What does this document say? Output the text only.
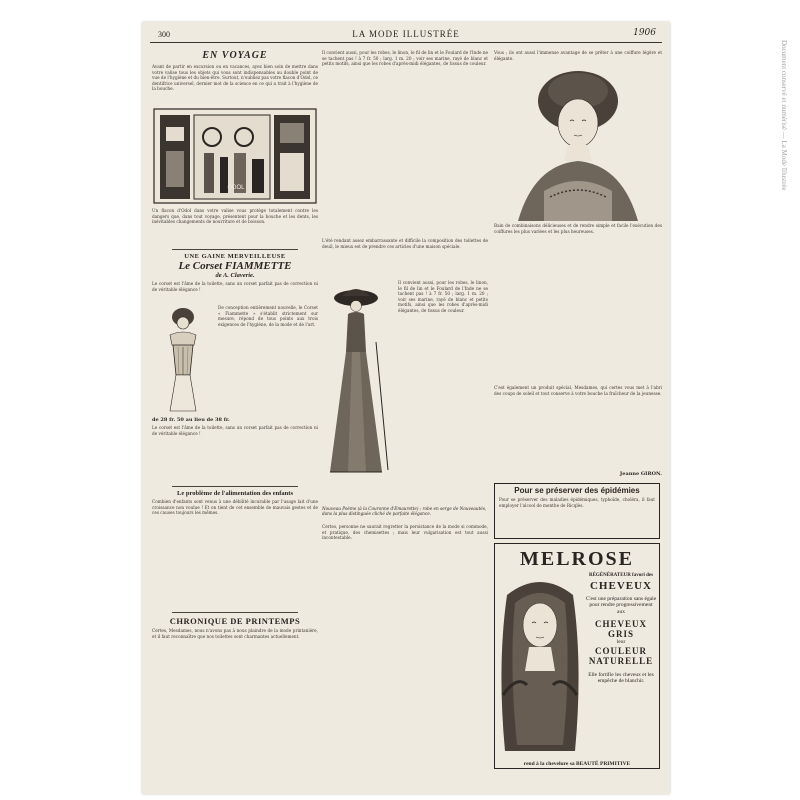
Document conservé et numérisé — La Mode Illustrée
300	LA MODE ILLUSTRÉE	1906
EN VOYAGE
Avant de partir en excursion ou en vacances, ayez bien soin de mettre dans votre valise tous les objets qui vous sont indispensables au double point de vue de l'hygiène et du bien-être. Surtout, n'oubliez pas votre flacon d'Odol, ce dentifrice universel, dernier mot de la science en ce qui a trait à l'hygiène de la bouche.
ODOL
Un flacon d'Odol dans votre valise vous protège totalement contre les dangers que, dans tout voyage, présentent pour la bouche et les dents, les inévitables changements de nourriture et de boisson.
UNE GAINE MERVEILLEUSE
Le Corset FIAMMETTE
de A. Claverie.
Le corset est l'âme de la toilette, sans un corset parfait pas de correction ni de véritable élégance !
De conception entièrement nouvelle, le Corset « Fiammette » s'établit strictement sur mesure, répond de tous points aux trois exigences de l'hygiène, de la mode et de l'art.
de 28 fr. 50 au lieu de 38 fr.
Le corset est l'âme de la toilette, sans un corset parfait pas de correction ni de véritable élégance !
Le problème de l'alimentation des enfants
Combien d'enfants sont venus à une débilité incurable par l'usage lait d'une croissance non voulue ! Et on tient de cet ensemble de mauvais gestes et de ces causes toujours les mêmes.
CHRONIQUE DE PRINTEMPS
Certes, Mesdames, nous n'avons pas à nous plaindre de la mode printanière, et il faut reconnaître que nos toilettes sont charmantes actuellement.
Il convient aussi, pour les robes, le linon, le fil de lin et le Foulard de l'Inde ne se tachent pas ! à 7 fr. 50 ; larg. 1 m. 20 ; voir ses marine, rayé de blanc et petits motifs, ainsi que les robes d'après-midi élégantes, de tissus de couleur.
L'été rendant assez embarrassante et difficile la composition des toilettes de deuil, le mieux est de prendre ces articles d'une maison spéciale.
Il convient aussi, pour les robes, le linon, le fil de lin et le Foulard de l'Inde ne se tachent pas ! à 7 fr. 50 ; larg. 1 m. 20 ; voir ses marine, rayé de blanc et petits motifs, ainsi que les robes d'après-midi élégantes, de tissus de couleur.
Nouveau Poème (à la Couronne d'Émaurette) ; robe en serge de Nouveautés, dans la plus distinguée cliché de parfaite élégance.
Certes, personne ne saurait regretter la persistance de la mode si commode, et pratique, des chemisettes ; mais leur vulgarisation est tout aussi incontestable.
Vous ; ils ont aussi l'immense avantage de se prêter à une coiffure légère et élégante.
Bain de combinaisons délicieuses et de rendre simple et facile l'exécution des coiffures les plus variées et les plus heureuses.
C'est également un produit spécial, Mesdames, qui certes vous met à l'abri des coups de soleil et tout conserve à votre bouche la fraîcheur de la jeunesse.
Jeanne GIRON.
Pour se préserver des épidémies
Pour se préserver des maladies épidémiques, typhoïde, choléra, il faut employer l'alcool de menthe de Ricqlès.
MELROSE
RÉGÉNÉRATEUR favori des
CHEVEUX
C'est une préparation sans égale pour rendre progressivement aux
CHEVEUX GRIS
leur
COULEUR NATURELLE
Elle fortifie les cheveux et les empêche de blanchir.
rend à la chevelure sa BEAUTÉ PRIMITIVE
